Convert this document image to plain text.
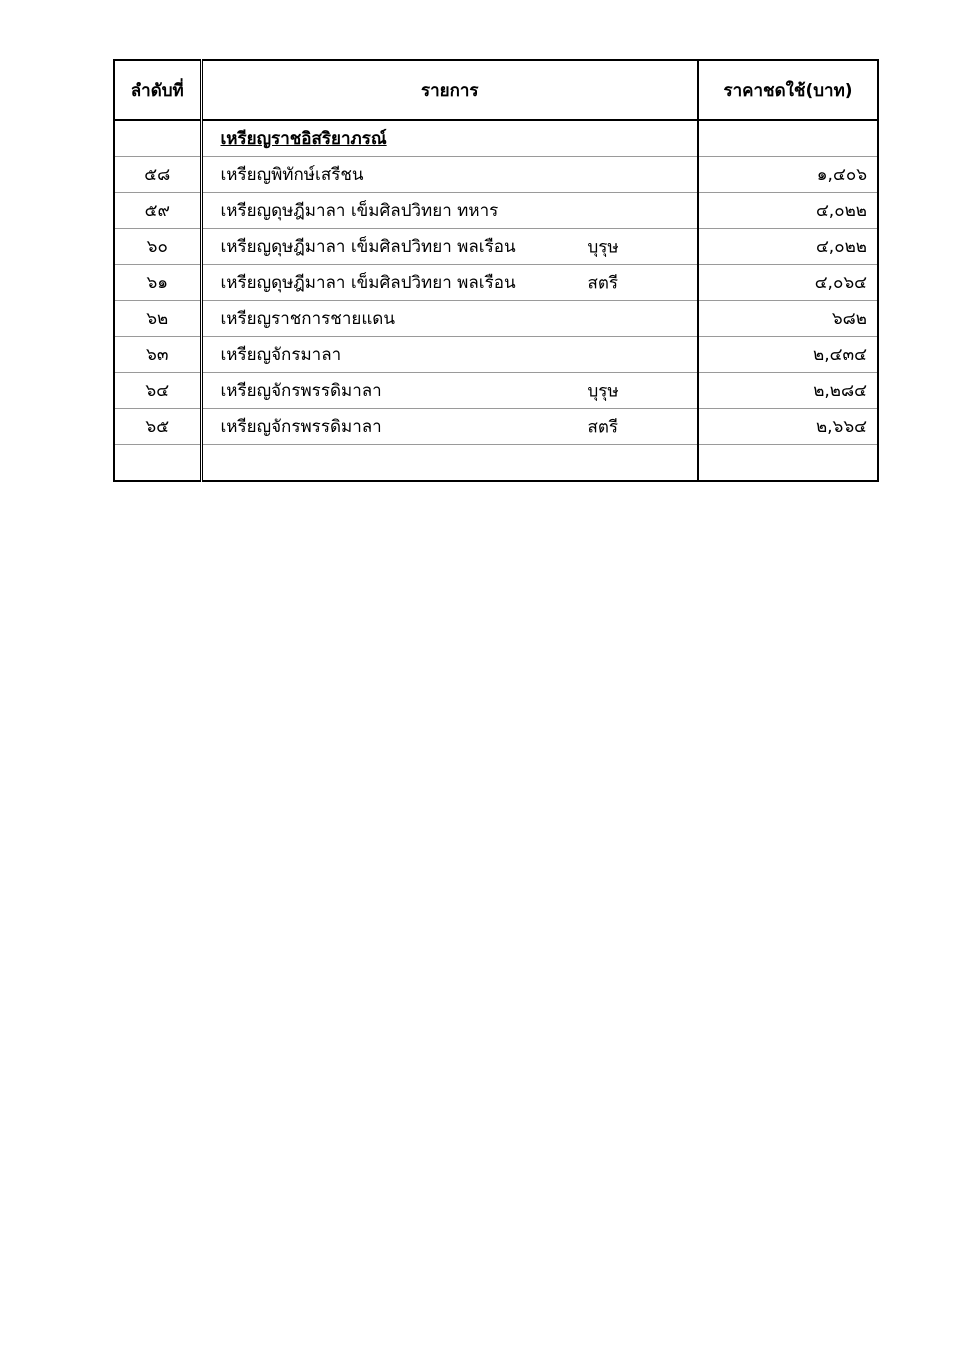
ลำดับที่	รายการ	ราคาชดใช้(บาท)
	เหรียญราชอิสริยาภรณ์	
๕๘	เหรียญพิทักษ์เสรีชน	๑,๔๐๖
๕๙	เหรียญดุษฎีมาลา เข็มศิลปวิทยา ทหาร	๔,๐๒๒
๖๐	เหรียญดุษฎีมาลา เข็มศิลปวิทยา พลเรือน บุรุษ	๔,๐๒๒
๖๑	เหรียญดุษฎีมาลา เข็มศิลปวิทยา พลเรือน สตรี	๔,๐๖๔
๖๒	เหรียญราชการชายแดน	๖๘๒
๖๓	เหรียญจักรมาลา	๒,๔๓๔
๖๔	เหรียญจักรพรรดิมาลา บุรุษ	๒,๒๘๔
๖๕	เหรียญจักรพรรดิมาลา สตรี	๒,๖๖๔
